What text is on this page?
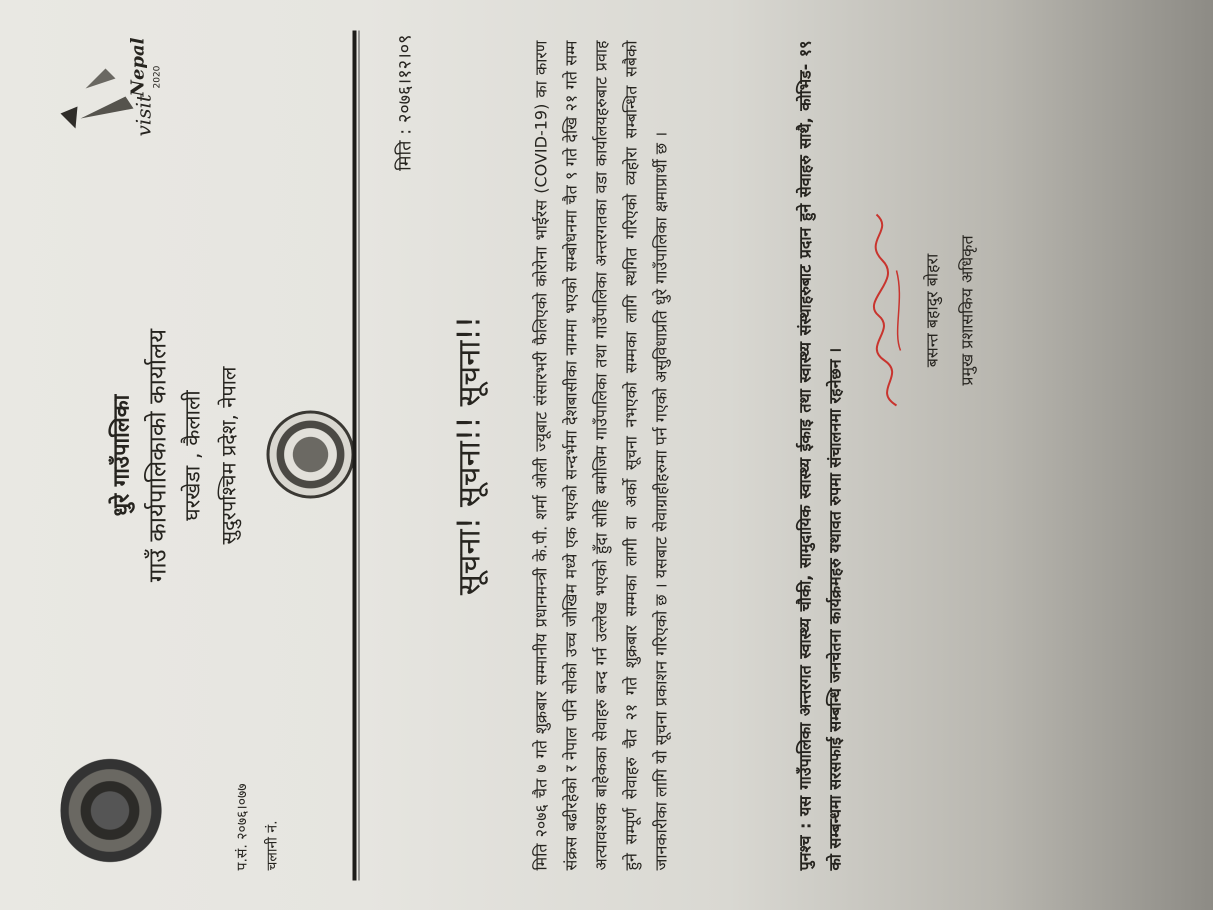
visit
Nepal 2020
धुरे गाउँपालिका गाउँ कार्यपालिकाको कार्यालय घरखेडा , कैलाली सुदुरपश्चिम प्रदेश, नेपाल
प.सं. २०७६।०७७ चलानी नं.
मिति : २०७६।१२।०९
सूचना! सूचना!! सूचना!!	मिति २०७६ चैत ७ गते शुक्रबार सम्मानीय प्रधानमन्त्री के.पी. शर्मा ओली ज्यूबाट संसारभरी फैलिएको कोरोना भाईरस (COVID-19) का कारण संक्रस बढीरहेको र नेपाल पनि सोको उच्च जोखिम मध्ये एक भएको सन्दर्भमा देशबासीका नाममा भएको सम्बोधनमा चैत ९ गते देखि २१ गते सम्म अत्यावश्यक बाहेकका सेवाहरु बन्द गर्न उल्लेख भएको हुँदा सोहि बमोजिम गाउँपालिका तथा गाउँपालिका अन्तरगतका वडा कार्यालयहरुबाट प्रवाह हुने सम्पूर्ण सेवाहरु चैत २१ गते शुक्रबार सम्मका लागी वा अर्को सूचना नभएको सम्मका लागि स्थगित गरिएको व्यहोरा सम्बन्धित सबैको जानकारीका लागि यो सूचना प्रकाशन गरिएको छ । यसबाट सेवाग्राहीहरुमा पर्न गएको असुविधाप्रति धुरे गाउँपालिका क्षमाप्रार्थी छ ।	पुनश्च : यस गाउँपालिका अन्तरगत स्वास्थ्य चौकी, सामुदायिक स्वास्थ्य ईकाइ तथा स्वास्थ्य संस्थाहरुबाट प्रदान हुने सेवाहरु साथै, कोभिड- १९ को सम्बन्धमा सरसफाई सम्बन्धि जनचेतना कार्यक्रमहरु यथावत रुपमा संचालनमा रहनेछन ।
बसन्त बहादुर बोहरा प्रमुख प्रशासकिय अधिकृत
